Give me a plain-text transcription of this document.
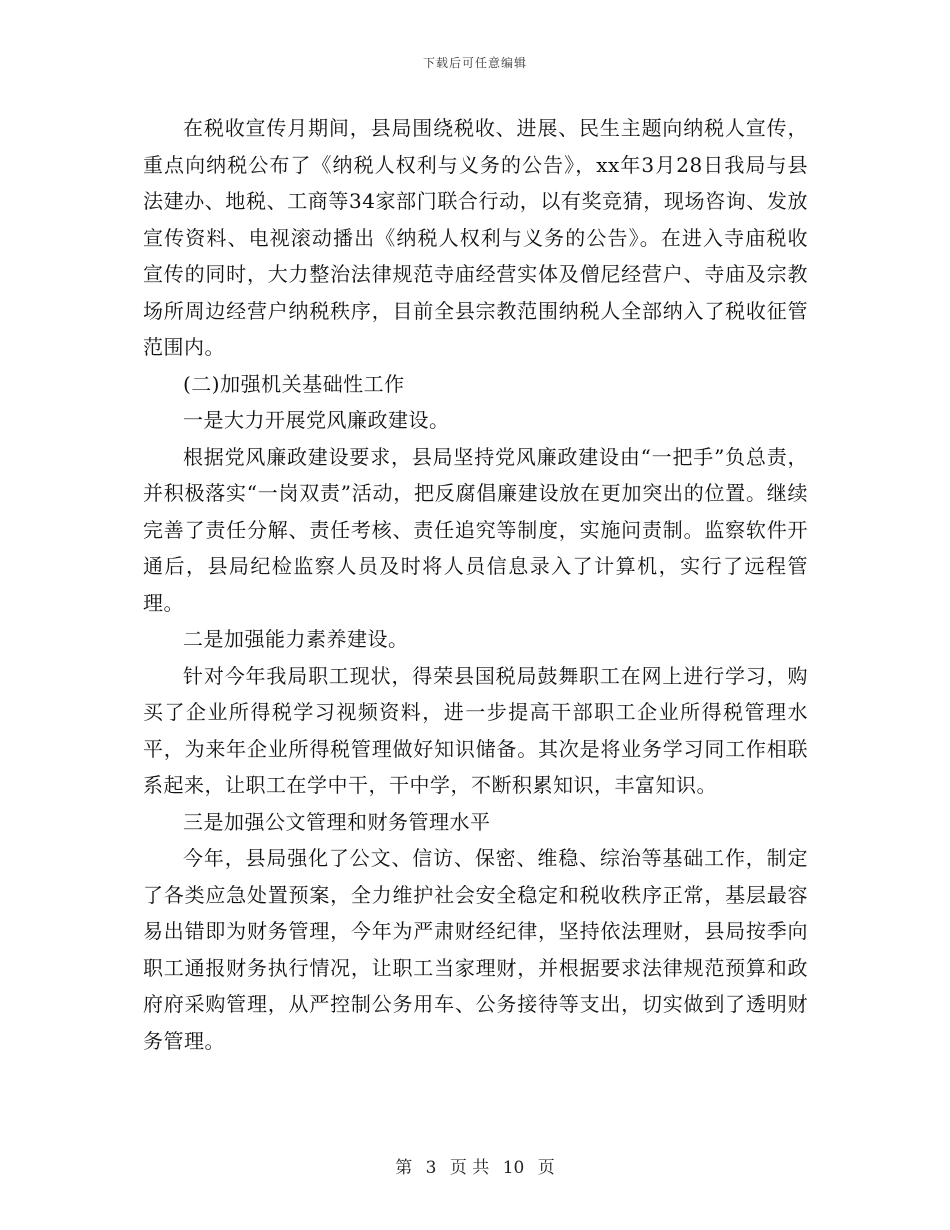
下载后可任意编辑

在税收宣传月期间，县局围绕税收、进展、民生主题向纳税人宣传，重点向纳税公布了《纳税人权利与义务的公告》，xx年3月28日我局与县法建办、地税、工商等34家部门联合行动，以有奖竞猜，现场咨询、发放宣传资料、电视滚动播出《纳税人权利与义务的公告》。在进入寺庙税收宣传的同时，大力整治法律规范寺庙经营实体及僧尼经营户、寺庙及宗教场所周边经营户纳税秩序，目前全县宗教范围纳税人全部纳入了税收征管范围内。

(二)加强机关基础性工作

一是大力开展党风廉政建设。

根据党风廉政建设要求，县局坚持党风廉政建设由“一把手”负总责，并积极落实“一岗双责”活动，把反腐倡廉建设放在更加突出的位置。继续完善了责任分解、责任考核、责任追究等制度，实施问责制。监察软件开通后，县局纪检监察人员及时将人员信息录入了计算机，实行了远程管理。

二是加强能力素养建设。

针对今年我局职工现状，得荣县国税局鼓舞职工在网上进行学习，购买了企业所得税学习视频资料，进一步提高干部职工企业所得税管理水平，为来年企业所得税管理做好知识储备。其次是将业务学习同工作相联系起来，让职工在学中干，干中学，不断积累知识，丰富知识。

三是加强公文管理和财务管理水平

今年，县局强化了公文、信访、保密、维稳、综治等基础工作，制定了各类应急处置预案，全力维护社会安全稳定和税收秩序正常，基层最容易出错即为财务管理，今年为严肃财经纪律，坚持依法理财，县局按季向职工通报财务执行情况，让职工当家理财，并根据要求法律规范预算和政府府采购管理，从严控制公务用车、公务接待等支出，切实做到了透明财务管理。

第 3 页 共 10 页
